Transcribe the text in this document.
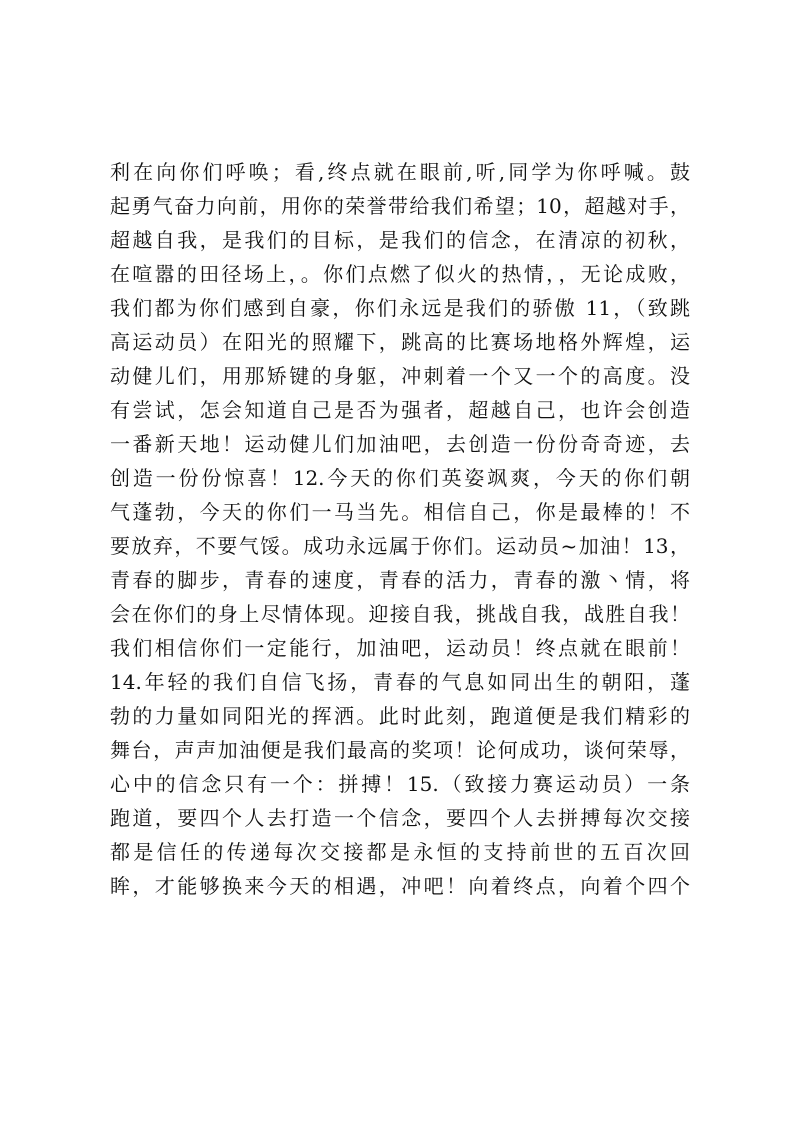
利在向你们呼唤；看,终点就在眼前,听,同学为你呼喊。鼓
起勇气奋力向前，用你的荣誉带给我们希望；10，超越对手，
超越自我，是我们的目标，是我们的信念，在清凉的初秋，
在喧嚣的田径场上，。你们点燃了似火的热情，，无论成败，
我们都为你们感到自豪，你们永远是我们的骄傲 11，（致跳
高运动员）在阳光的照耀下，跳高的比赛场地格外辉煌，运
动健儿们，用那矫键的身躯，冲刺着一个又一个的高度。没
有尝试，怎会知道自己是否为强者，超越自己，也许会创造
一番新天地！运动健儿们加油吧，去创造一份份奇奇迹，去
创造一份份惊喜！12.今天的你们英姿飒爽，今天的你们朝
气蓬勃，今天的你们一马当先。相信自己，你是最棒的！不
要放弃，不要气馁。成功永远属于你们。运动员~加油！13，
青春的脚步，青春的速度，青春的活力，青春的激丶情，将
会在你们的身上尽情体现。迎接自我，挑战自我，战胜自我！
我们相信你们一定能行，加油吧，运动员！终点就在眼前！
14.年轻的我们自信飞扬，青春的气息如同出生的朝阳，蓬
勃的力量如同阳光的挥洒。此时此刻，跑道便是我们精彩的
舞台，声声加油便是我们最高的奖项！论何成功，谈何荣辱，
心中的信念只有一个：拼搏！15.（致接力赛运动员）一条
跑道，要四个人去打造一个信念，要四个人去拼搏每次交接
都是信任的传递每次交接都是永恒的支持前世的五百次回
眸，才能够换来今天的相遇，冲吧！向着终点，向着个四个
